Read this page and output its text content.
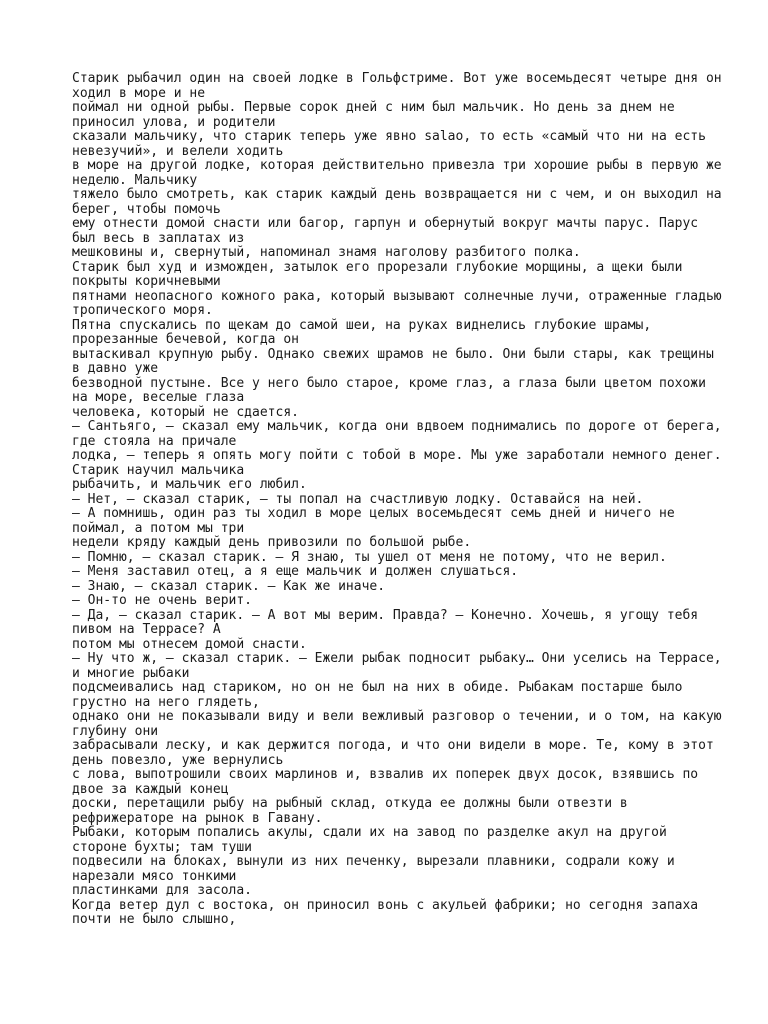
Старик рыбачил один на своей лодке в Гольфстриме. Вот уже восемьдесят четыре дня он

ходил в море и не

поймал ни одной рыбы. Первые сорок дней с ним был мальчик. Но день за днем не

приносил улова, и родители

сказали мальчику, что старик теперь уже явно salao, то есть «самый что ни на есть

невезучий», и велели ходить

в море на другой лодке, которая действительно привезла три хорошие рыбы в первую же

неделю. Мальчику

тяжело было смотреть, как старик каждый день возвращается ни с чем, и он выходил на

берег, чтобы помочь

ему отнести домой снасти или багор, гарпун и обернутый вокруг мачты парус. Парус

был весь в заплатах из

мешковины и, свернутый, напоминал знамя наголову разбитого полка.

Старик был худ и изможден, затылок его прорезали глубокие морщины, а щеки были

покрыты коричневыми

пятнами неопасного кожного рака, который вызывают солнечные лучи, отраженные гладью

тропического моря.

Пятна спускались по щекам до самой шеи, на руках виднелись глубокие шрамы,

прорезанные бечевой, когда он

вытаскивал крупную рыбу. Однако свежих шрамов не было. Они были стары, как трещины

в давно уже

безводной пустыне. Все у него было старое, кроме глаз, а глаза были цветом похожи

на море, веселые глаза

человека, который не сдается.

— Сантьяго, — сказал ему мальчик, когда они вдвоем поднимались по дороге от берега,

где стояла на причале

лодка, — теперь я опять могу пойти с тобой в море. Мы уже заработали немного денег.

Старик научил мальчика

рыбачить, и мальчик его любил.

— Нет, — сказал старик, — ты попал на счастливую лодку. Оставайся на ней.

— А помнишь, один раз ты ходил в море целых восемьдесят семь дней и ничего не

поймал, а потом мы три

недели кряду каждый день привозили по большой рыбе.

— Помню, — сказал старик. — Я знаю, ты ушел от меня не потому, что не верил.

— Меня заставил отец, а я еще мальчик и должен слушаться.

— Знаю, — сказал старик. — Как же иначе.

— Он-то не очень верит.

— Да, — сказал старик. — А вот мы верим. Правда? — Конечно. Хочешь, я угощу тебя

пивом на Террасе? А

потом мы отнесем домой снасти.

— Ну что ж, — сказал старик. — Ежели рыбак подносит рыбаку… Они уселись на Террасе,

и многие рыбаки

подсмеивались над стариком, но он не был на них в обиде. Рыбакам постарше было

грустно на него глядеть,

однако они не показывали виду и вели вежливый разговор о течении, и о том, на какую

глубину они

забрасывали леску, и как держится погода, и что они видели в море. Те, кому в этот

день повезло, уже вернулись

с лова, выпотрошили своих марлинов и, взвалив их поперек двух досок, взявшись по

двое за каждый конец

доски, перетащили рыбу на рыбный склад, откуда ее должны были отвезти в

рефрижераторе на рынок в Гавану.

Рыбаки, которым попались акулы, сдали их на завод по разделке акул на другой

стороне бухты; там туши

подвесили на блоках, вынули из них печенку, вырезали плавники, содрали кожу и

нарезали мясо тонкими

пластинками для засола.

Когда ветер дул с востока, он приносил вонь с акульей фабрики; но сегодня запаха

почти не было слышно,
